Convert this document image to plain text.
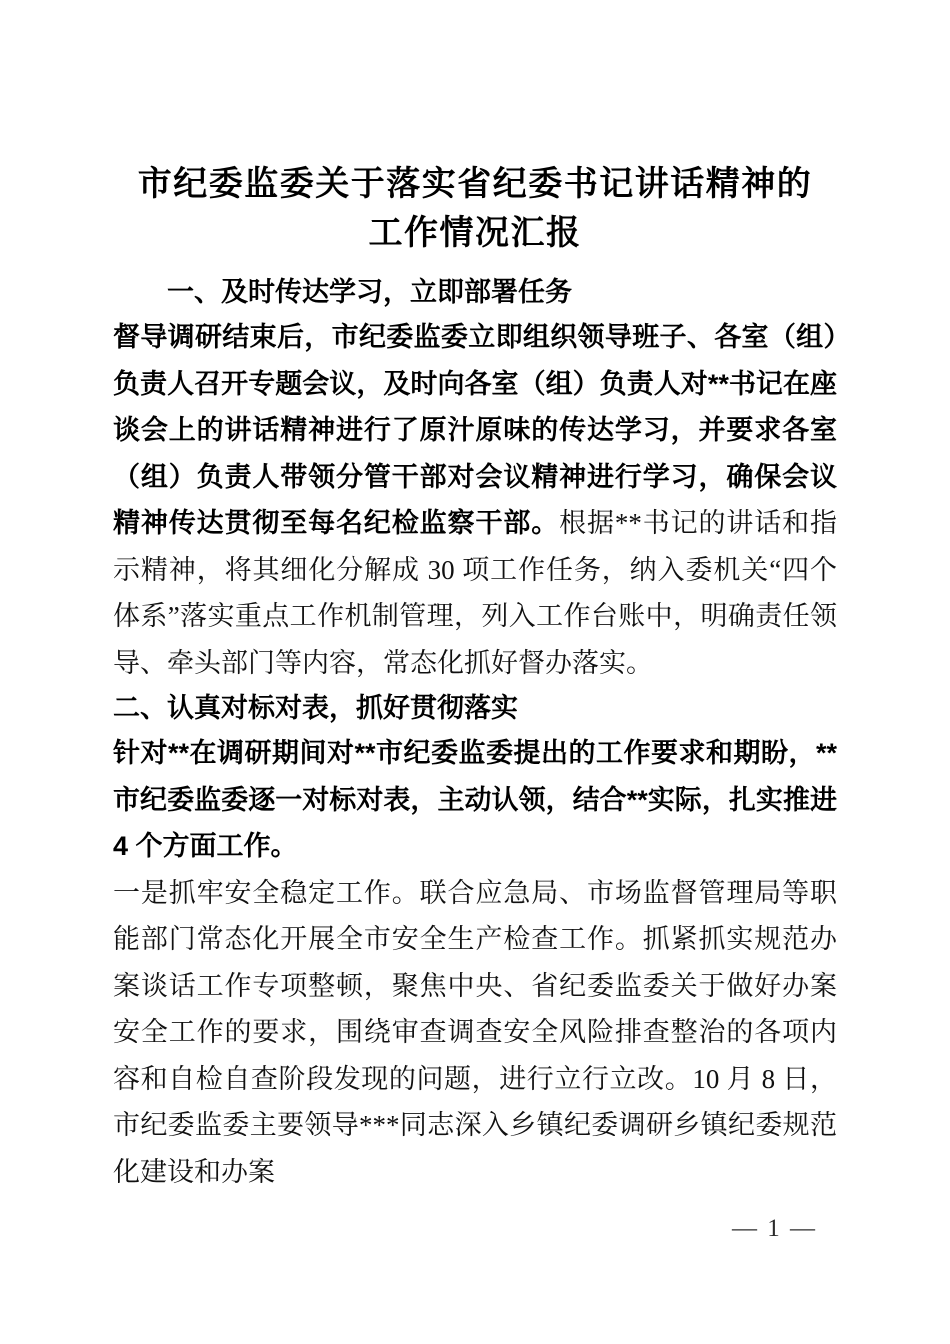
市纪委监委关于落实省纪委书记讲话精神的
工作情况汇报
一、及时传达学习，立即部署任务

督导调研结束后，市纪委监委立即组织领导班子、各室（组）负责人召开专题会议，及时向各室（组）负责人对**书记在座谈会上的讲话精神进行了原汁原味的传达学习，并要求各室（组）负责人带领分管干部对会议精神进行学习，确保会议精神传达贯彻至每名纪检监察干部。根据**书记的讲话和指示精神，将其细化分解成 30 项工作任务，纳入委机关“四个体系”落实重点工作机制管理，列入工作台账中，明确责任领导、牵头部门等内容，常态化抓好督办落实。

二、认真对标对表，抓好贯彻落实

针对**在调研期间对**市纪委监委提出的工作要求和期盼，**市纪委监委逐一对标对表，主动认领，结合**实际，扎实推进 4 个方面工作。

一是抓牢安全稳定工作。联合应急局、市场监督管理局等职能部门常态化开展全市安全生产检查工作。抓紧抓实规范办案谈话工作专项整顿，聚焦中央、省纪委监委关于做好办案安全工作的要求，围绕审查调查安全风险排查整治的各项内容和自检自查阶段发现的问题，进行立行立改。10 月 8 日，市纪委监委主要领导***同志深入乡镇纪委调研乡镇纪委规范化建设和办案

— 1 —
